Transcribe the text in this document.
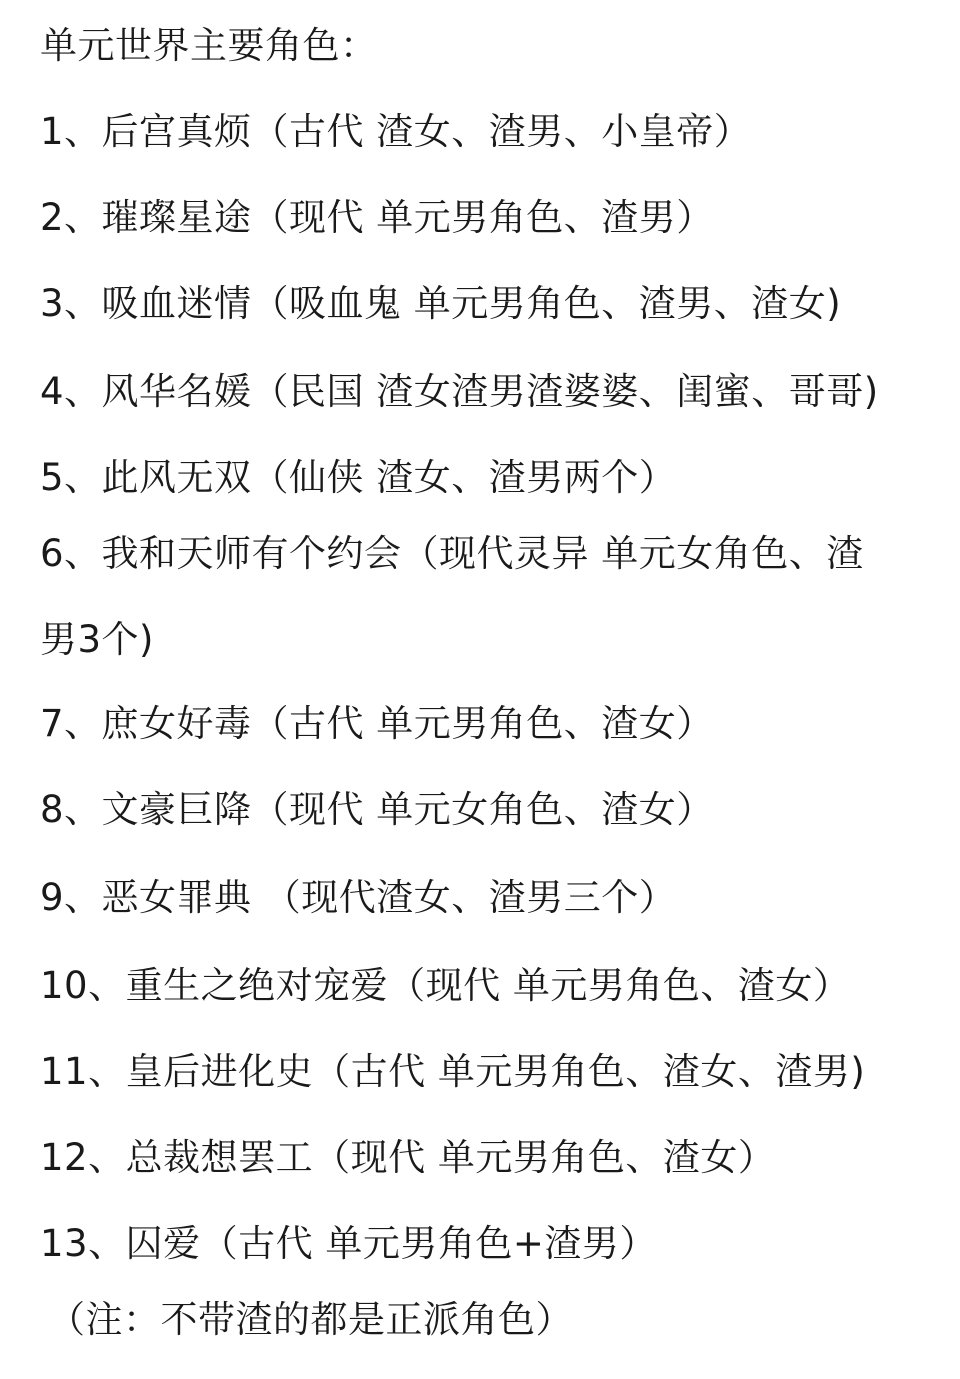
单元世界主要角色：
1、后宫真烦（古代 渣女、渣男、小皇帝）
2、璀璨星途（现代 单元男角色、渣男）
3、吸血迷情（吸血鬼 单元男角色、渣男、渣女)
4、风华名媛（民国 渣女渣男渣婆婆、闺蜜、哥哥)
5、此风无双（仙侠 渣女、渣男两个）
6、我和天师有个约会（现代灵异 单元女角色、渣
男3个)
7、庶女好毒（古代 单元男角色、渣女）
8、文豪巨降（现代 单元女角色、渣女）
9、恶女罪典 （现代渣女、渣男三个）
10、重生之绝对宠爱（现代 单元男角色、渣女）
11、皇后进化史（古代 单元男角色、渣女、渣男)
12、总裁想罢工（现代 单元男角色、渣女）
13、囚爱（古代 单元男角色+渣男）
（注：不带渣的都是正派角色）
